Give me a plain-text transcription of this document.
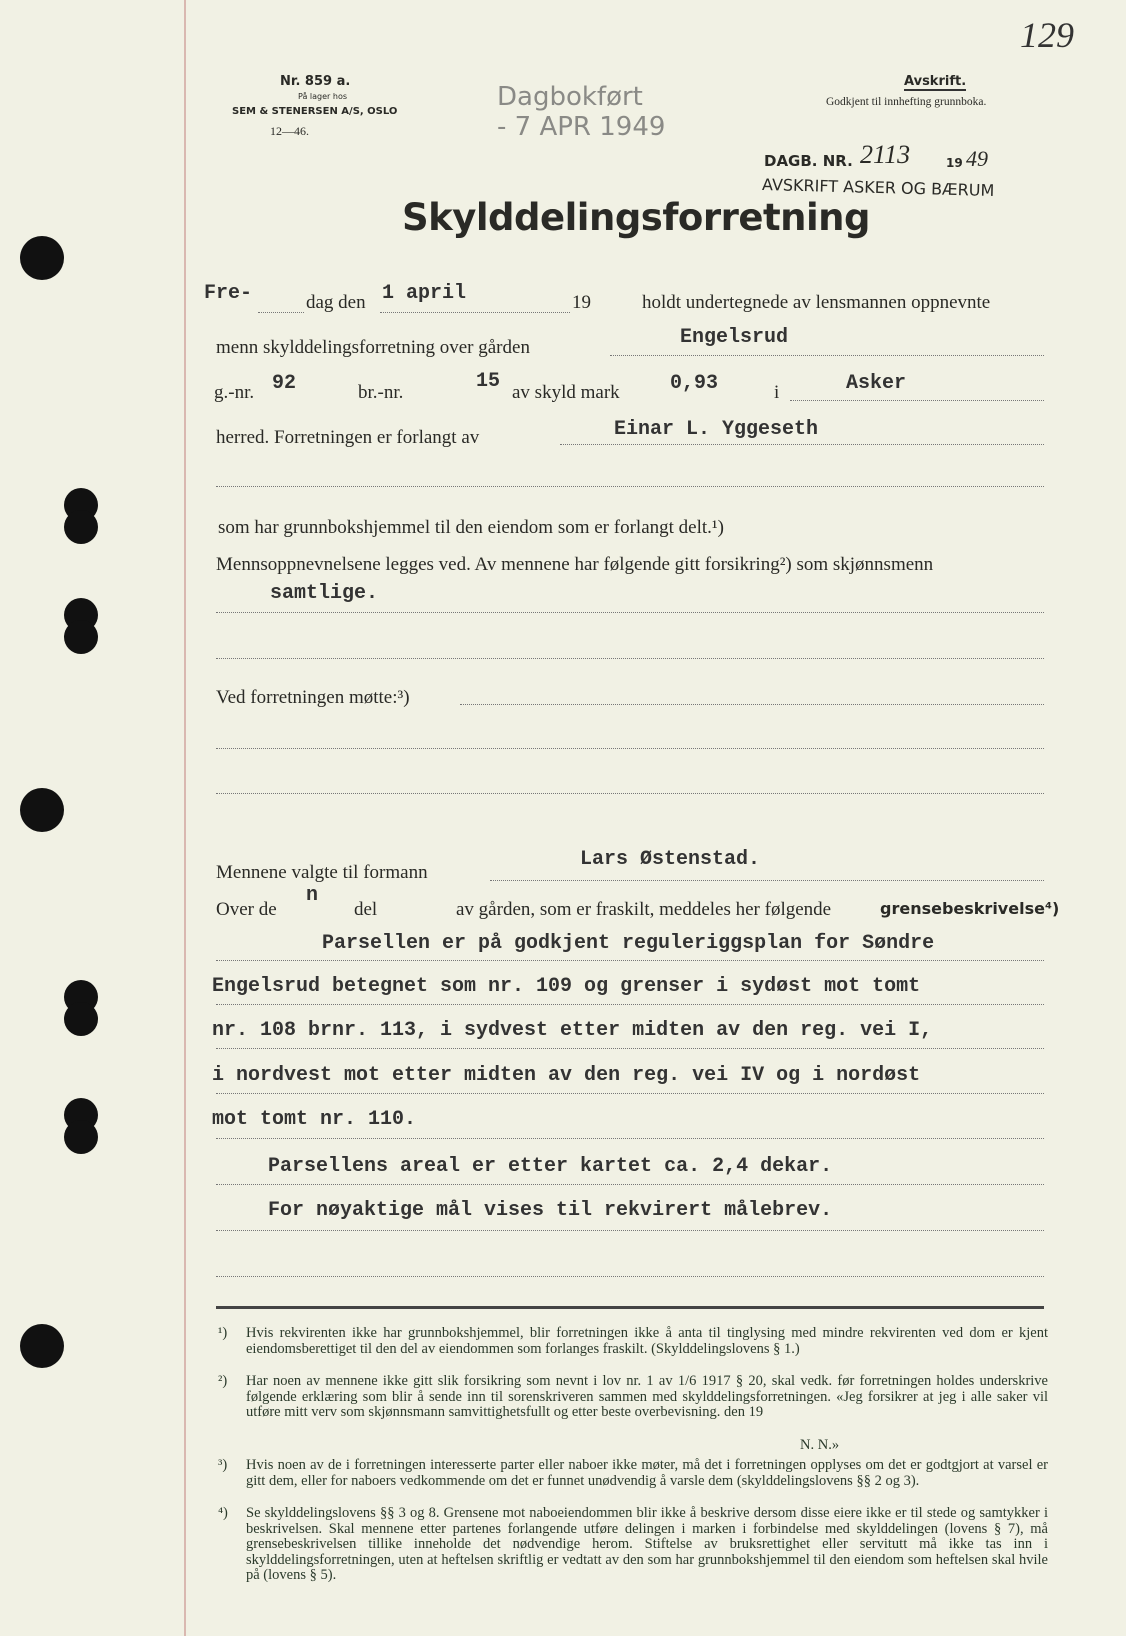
129
Nr. 859 a.
På lager hos
SEM & STENERSEN A/S, OSLO
12—46.
Dagbokført
- 7 APR 1949
Avskrift.
Godkjent til innhefting grunnboka.
DAGB. NR. 2113	19 49
AVSKRIFT ASKER OG BÆRUM
Skylddelingsforretning
Fre-	dag den 1 april	19	holdt undertegnede av lensmannen oppnevnte
menn skylddelingsforretning over gården	Engelsrud
g.-nr. 92	br.-nr.	15 av skyld mark	0,93	i	Asker
herred. Forretningen er forlangt av	Einar L. Yggeseth
som har grunnbokshjemmel til den eiendom som er forlangt delt.¹)
Mennsoppnevnelsene legges ved. Av mennene har følgende gitt forsikring²) som skjønnsmenn
samtlige.
Ved forretningen møtte:³)
Mennene valgte til formann
Lars Østenstad.
Over de
n
del	av gården, som er fraskilt, meddeles her følgende	grensebeskrivelse⁴)
Parsellen er på godkjent reguleriggsplan for Søndre
Engelsrud betegnet som nr. 109 og grenser i sydøst mot tomt
nr. 108 brnr. 113, i sydvest etter midten av den reg. vei I,
i nordvest mot etter midten av den reg. vei IV og i nordøst
mot tomt nr. 110.
Parsellens areal er etter kartet ca. 2,4 dekar.
For nøyaktige mål vises til rekvirert målebrev.
¹) Hvis rekvirenten ikke har grunnbokshjemmel, blir forretningen ikke å anta til tinglysing med mindre rekvirenten ved dom er kjent eiendomsberettiget til den del av eiendommen som forlanges fraskilt. (Skylddelingslovens § 1.)
²) Har noen av mennene ikke gitt slik forsikring som nevnt i lov nr. 1 av 1/6 1917 § 20, skal vedk. før forretningen holdes underskrive følgende erklæring som blir å sende inn til sorenskriveren sammen med skylddelingsforretningen. «Jeg forsikrer at jeg i alle saker vil utføre mitt verv som skjønnsmann samvittighetsfullt og etter beste overbevisning. den 19
N. N.»
³) Hvis noen av de i forretningen interesserte parter eller naboer ikke møter, må det i forretningen opplyses om det er godtgjort at varsel er gitt dem, eller for naboers vedkommende om det er funnet unødvendig å varsle dem (skylddelingslovens §§ 2 og 3).
⁴) Se skylddelingslovens §§ 3 og 8. Grensene mot naboeiendommen blir ikke å beskrive dersom disse eiere ikke er til stede og samtykker i beskrivelsen. Skal mennene etter partenes forlangende utføre delingen i marken i forbindelse med skylddelingen (lovens § 7), må grensebeskrivelsen tillike inneholde det nødvendige herom. Stiftelse av bruksrettighet eller servitutt må ikke tas inn i skylddelingsforretningen, uten at heftelsen skriftlig er vedtatt av den som har grunnbokshjemmel til den eiendom som heftelsen skal hvile på (lovens § 5).
